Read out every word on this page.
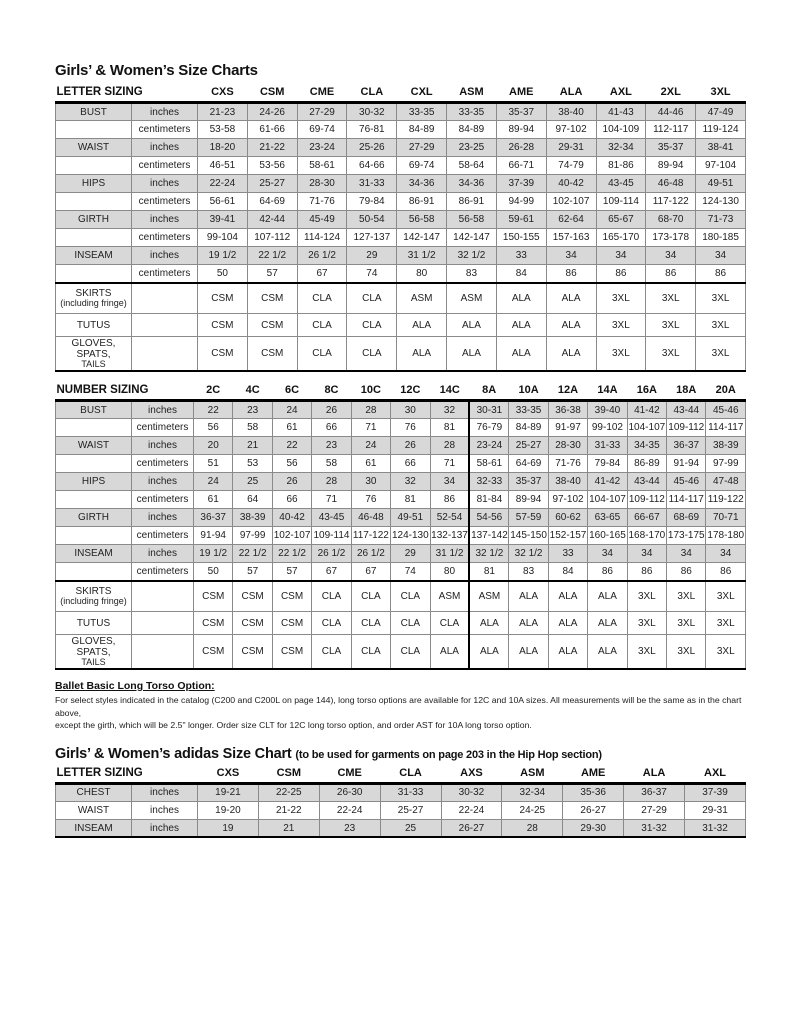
Girls’ & Women’s Size Charts
LETTER SIZING		CXS	CSM	CME	CLA	CXL	ASM	AME	ALA	AXL	2XL	3XL
BUST	inches	21-23	24-26	27-29	30-32	33-35	33-35	35-37	38-40	41-43	44-46	47-49
	centimeters	53-58	61-66	69-74	76-81	84-89	84-89	89-94	97-102	104-109	112-117	119-124
WAIST	inches	18-20	21-22	23-24	25-26	27-29	23-25	26-28	29-31	32-34	35-37	38-41
	centimeters	46-51	53-56	58-61	64-66	69-74	58-64	66-71	74-79	81-86	89-94	97-104
HIPS	inches	22-24	25-27	28-30	31-33	34-36	34-36	37-39	40-42	43-45	46-48	49-51
	centimeters	56-61	64-69	71-76	79-84	86-91	86-91	94-99	102-107	109-114	117-122	124-130
GIRTH	inches	39-41	42-44	45-49	50-54	56-58	56-58	59-61	62-64	65-67	68-70	71-73
	centimeters	99-104	107-112	114-124	127-137	142-147	142-147	150-155	157-163	165-170	173-178	180-185
INSEAM	inches	19 1/2	22 1/2	26 1/2	29	31 1/2	32 1/2	33	34	34	34	34
	centimeters	50	57	67	74	80	83	84	86	86	86	86
SKIRTS
(including fringe)		CSM	CSM	CLA	CLA	ASM	ASM	ALA	ALA	3XL	3XL	3XL
TUTUS		CSM	CSM	CLA	CLA	ALA	ALA	ALA	ALA	3XL	3XL	3XL
GLOVES, SPATS,
TAILS		CSM	CSM	CLA	CLA	ALA	ALA	ALA	ALA	3XL	3XL	3XL
NUMBER SIZING		2C	4C	6C	8C	10C	12C	14C	8A	10A	12A	14A	16A	18A	20A
BUST	inches	22	23	24	26	28	30	32	30-31	33-35	36-38	39-40	41-42	43-44	45-46
	centimeters	56	58	61	66	71	76	81	76-79	84-89	91-97	99-102	104-107	109-112	114-117
WAIST	inches	20	21	22	23	24	26	28	23-24	25-27	28-30	31-33	34-35	36-37	38-39
	centimeters	51	53	56	58	61	66	71	58-61	64-69	71-76	79-84	86-89	91-94	97-99
HIPS	inches	24	25	26	28	30	32	34	32-33	35-37	38-40	41-42	43-44	45-46	47-48
	centimeters	61	64	66	71	76	81	86	81-84	89-94	97-102	104-107	109-112	114-117	119-122
GIRTH	inches	36-37	38-39	40-42	43-45	46-48	49-51	52-54	54-56	57-59	60-62	63-65	66-67	68-69	70-71
	centimeters	91-94	97-99	102-107	109-114	117-122	124-130	132-137	137-142	145-150	152-157	160-165	168-170	173-175	178-180
INSEAM	inches	19 1/2	22 1/2	22 1/2	26 1/2	26 1/2	29	31 1/2	32 1/2	32 1/2	33	34	34	34	34
	centimeters	50	57	57	67	67	74	80	81	83	84	86	86	86	86
SKIRTS
(including fringe)		CSM	CSM	CSM	CLA	CLA	CLA	ASM	ASM	ALA	ALA	ALA	3XL	3XL	3XL
TUTUS		CSM	CSM	CSM	CLA	CLA	CLA	CLA	ALA	ALA	ALA	ALA	3XL	3XL	3XL
GLOVES, SPATS,
TAILS		CSM	CSM	CSM	CLA	CLA	CLA	ALA	ALA	ALA	ALA	ALA	3XL	3XL	3XL
Ballet Basic Long Torso Option:
For select styles indicated in the catalog (C200 and C200L on page 144), long torso options are available for 12C and 10A sizes. All measurements will be the same as in the chart above,
except the girth, which will be 2.5" longer. Order size CLT for 12C long torso option, and order AST for 10A long torso option.
Girls’ & Women’s adidas Size Chart (to be used for garments on page 203 in the Hip Hop section)
LETTER SIZING		CXS	CSM	CME	CLA	AXS	ASM	AME	ALA	AXL
CHEST	inches	19-21	22-25	26-30	31-33	30-32	32-34	35-36	36-37	37-39
WAIST	inches	19-20	21-22	22-24	25-27	22-24	24-25	26-27	27-29	29-31
INSEAM	inches	19	21	23	25	26-27	28	29-30	31-32	31-32
